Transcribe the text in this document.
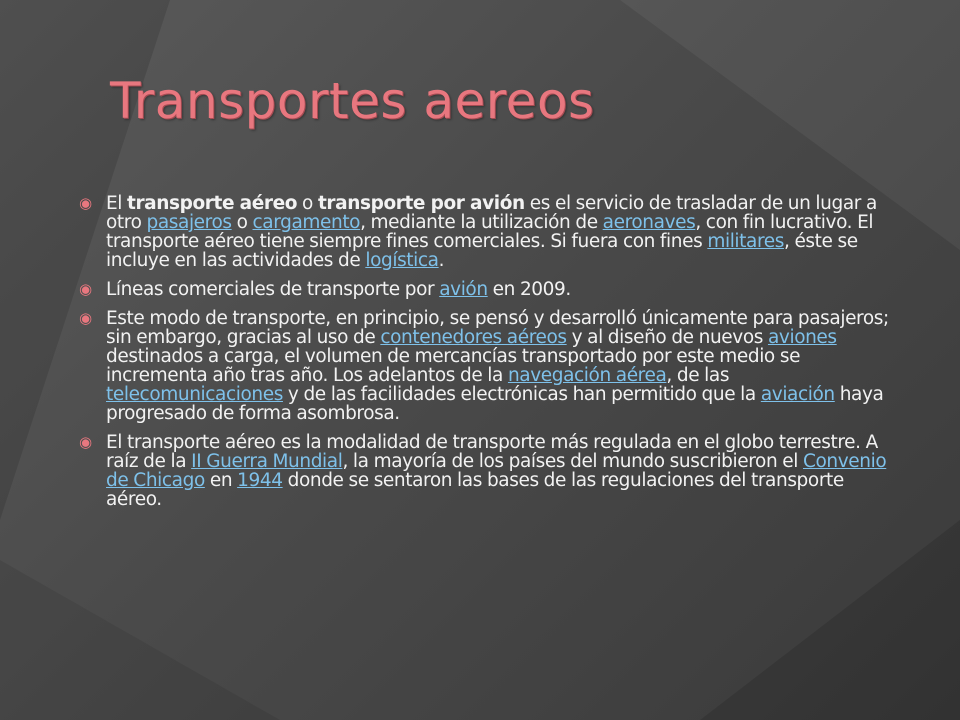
Transportes aereos
◉ El transporte aéreo o transporte por avión es el servicio de trasladar de un lugar a otro pasajeros o cargamento, mediante la utilización de aeronaves, con fin lucrativo. El transporte aéreo tiene siempre fines comerciales. Si fuera con fines militares, éste se incluye en las actividades de logística.
◉ Líneas comerciales de transporte por avión en 2009.
◉ Este modo de transporte, en principio, se pensó y desarrolló únicamente para pasajeros; sin embargo, gracias al uso de contenedores aéreos y al diseño de nuevos aviones destinados a carga, el volumen de mercancías transportado por este medio se incrementa año tras año. Los adelantos de la navegación aérea, de las telecomunicaciones y de las facilidades electrónicas han permitido que la aviación haya progresado de forma asombrosa.
◉ El transporte aéreo es la modalidad de transporte más regulada en el globo terrestre. A raíz de la II Guerra Mundial, la mayoría de los países del mundo suscribieron el Convenio de Chicago en 1944 donde se sentaron las bases de las regulaciones del transporte aéreo.
